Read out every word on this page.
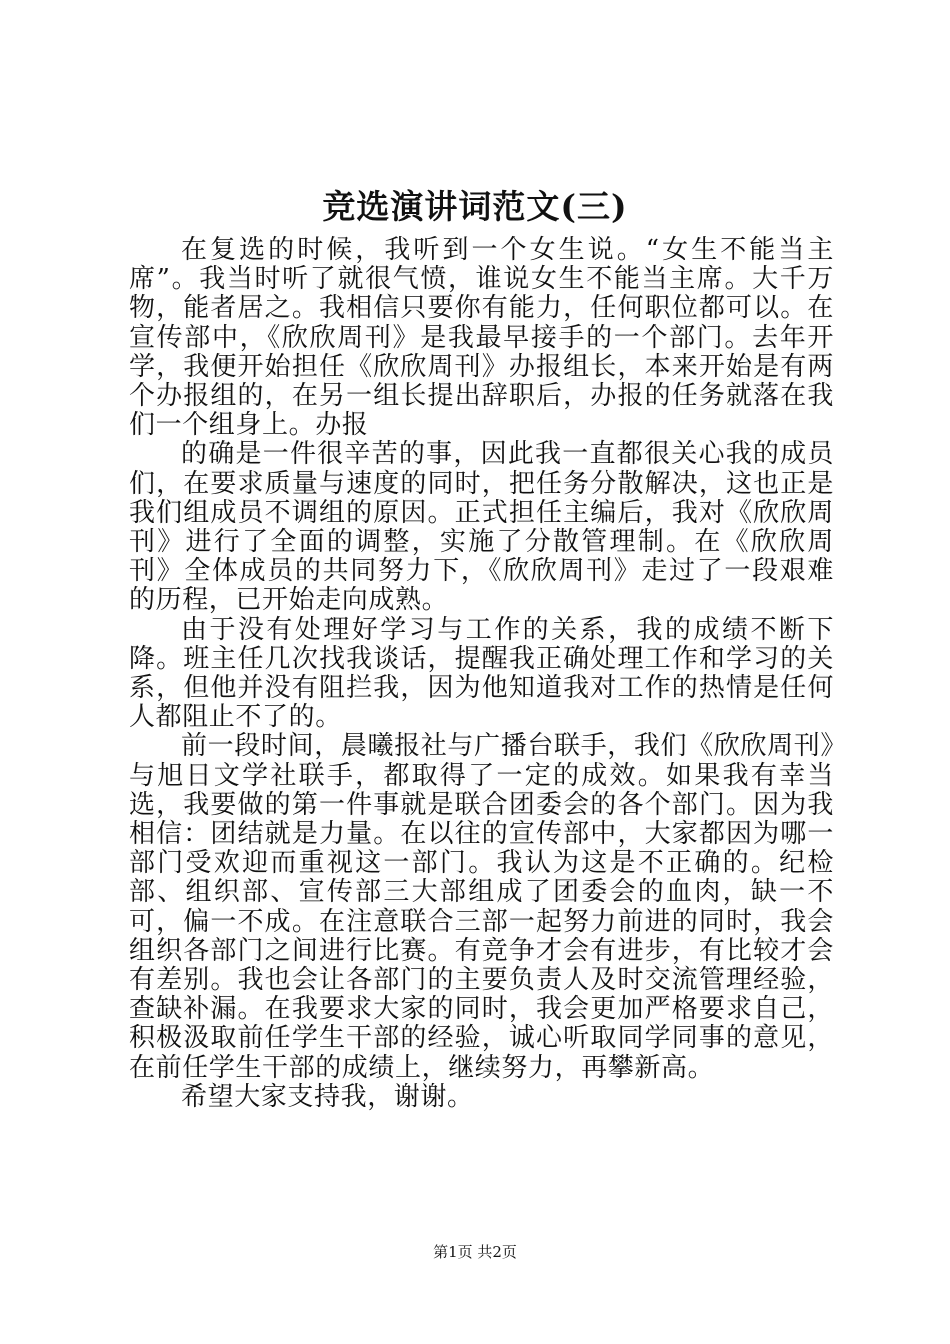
竞选演讲词范文(三)

在复选的时候，我听到一个女生说。“女生不能当主席”。我当时听了就很气愤，谁说女生不能当主席。大千万物，能者居之。我相信只要你有能力，任何职位都可以。在宣传部中，《欣欣周刊》是我最早接手的一个部门。去年开学，我便开始担任《欣欣周刊》办报组长，本来开始是有两个办报组的，在另一组长提出辞职后，办报的任务就落在我们一个组身上。办报

的确是一件很辛苦的事，因此我一直都很关心我的成员们，在要求质量与速度的同时，把任务分散解决，这也正是我们组成员不调组的原因。正式担任主编后，我对《欣欣周刊》进行了全面的调整，实施了分散管理制。在《欣欣周刊》全体成员的共同努力下，《欣欣周刊》走过了一段艰难的历程，已开始走向成熟。

由于没有处理好学习与工作的关系，我的成绩不断下降。班主任几次找我谈话，提醒我正确处理工作和学习的关系，但他并没有阻拦我，因为他知道我对工作的热情是任何人都阻止不了的。

前一段时间，晨曦报社与广播台联手，我们《欣欣周刊》与旭日文学社联手，都取得了一定的成效。如果我有幸当选，我要做的第一件事就是联合团委会的各个部门。因为我相信：团结就是力量。在以往的宣传部中，大家都因为哪一部门受欢迎而重视这一部门。我认为这是不正确的。纪检部、组织部、宣传部三大部组成了团委会的血肉，缺一不可，偏一不成。在注意联合三部一起努力前进的同时，我会组织各部门之间进行比赛。有竞争才会有进步，有比较才会有差别。我也会让各部门的主要负责人及时交流管理经验，查缺补漏。在我要求大家的同时，我会更加严格要求自己，积极汲取前任学生干部的经验，诚心听取同学同事的意见，在前任学生干部的成绩上，继续努力，再攀新高。

希望大家支持我，谢谢。

第1页 共2页
